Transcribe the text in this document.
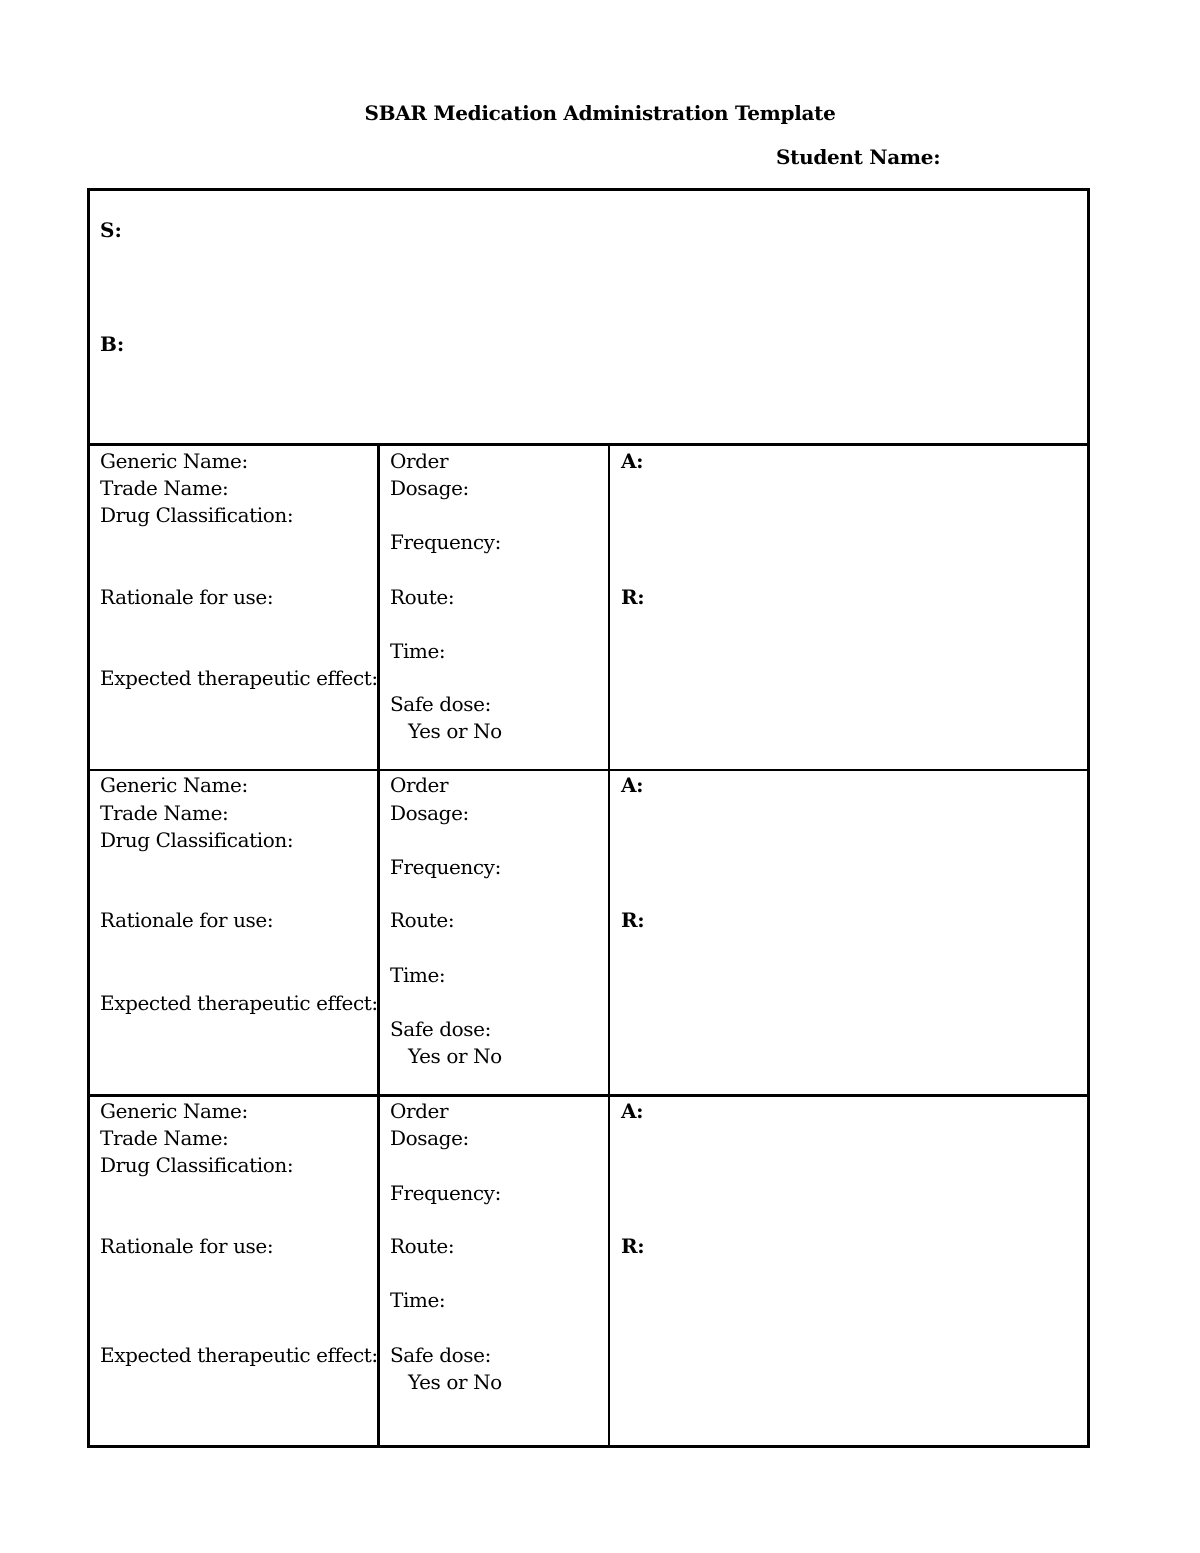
SBAR Medication Administration Template
Student Name:
S:
B:
Generic Name:
Trade Name:
Drug Classification:
Rationale for use:
Expected therapeutic effect:
Order
Dosage:
Frequency:
Route:
Time:
Safe dose:
Yes or No
A:
R:
Generic Name:
Trade Name:
Drug Classification:
Rationale for use:
Expected therapeutic effect:
Order
Dosage:
Frequency:
Route:
Time:
Safe dose:
Yes or No
A:
R:
Generic Name:
Trade Name:
Drug Classification:
Rationale for use:
Expected therapeutic effect:
Order
Dosage:
Frequency:
Route:
Time:
Safe dose:
Yes or No
A:
R:
